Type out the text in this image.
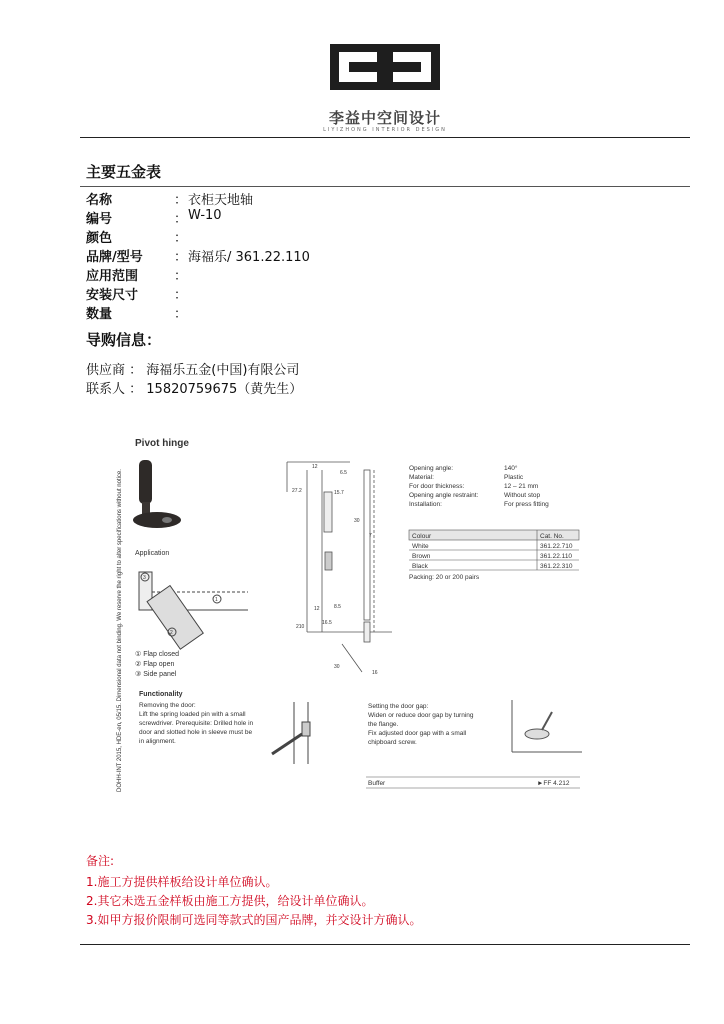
李益中空间设计
LIYIZHONG INTERIOR DESIGN
主要五金表
名称	： 衣柜天地轴
编号	： W-10
颜色	：
品牌/型号 ： 海福乐/ 361.22.110
应用范围	：
安装尺寸	：
数量	：
导购信息：
供应商 ： 海福乐五金(中国)有限公司
联系人 ： 15820759675（黄先生）
Pivot hinge
DOHH-INT 2015, HDE-en, 05/15. Dimensional data not binding. We reserve the right to alter specifications without notice. Application
3
1
2
① Flap closed
② Flap open
③ Side panel
Functionality
Removing the door:
Lift the spring loaded pin with a small
screwdriver. Prerequisite: Drilled hole in
door and slotted hole in sleeve must be
in alignment.
12
6.5
27.2	15.7
30
7
12	8.5
16.5
30
16
210
Opening angle:	140°
Material:	Plastic
For door thickness:	12 – 21 mm
Opening angle restraint:	Without stop
Installation:	For press fitting
Colour	Cat. No.
White	361.22.710
Brown	361.22.110
Black	361.22.310
Packing: 20 or 200 pairs
Setting the door gap:
Widen or reduce door gap by turning
the flange.
Fix adjusted door gap with a small
chipboard screw.
Buffer	►FF 4.212
备注:
1.施工方提供样板给设计单位确认。
2.其它未选五金样板由施工方提供，给设计单位确认。
3.如甲方报价限制可选同等款式的国产品牌，并交设计方确认。
